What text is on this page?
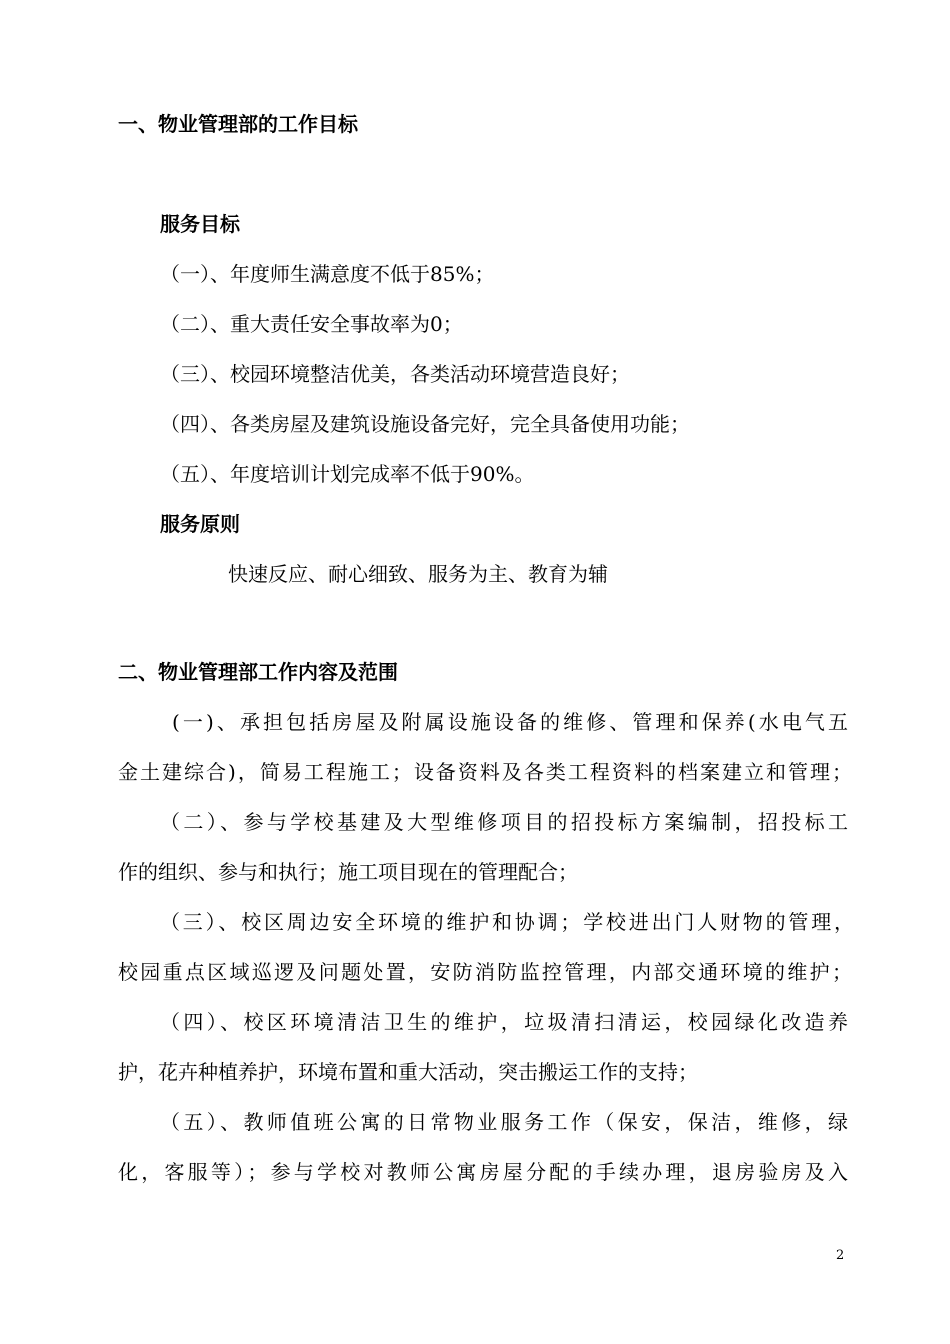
一、物业管理部的工作目标
服务目标
（一）、年度师生满意度不低于85%；
（二）、重大责任安全事故率为0；
（三）、校园环境整洁优美，各类活动环境营造良好；
（四）、各类房屋及建筑设施设备完好，完全具备使用功能；
（五）、年度培训计划完成率不低于90%。
服务原则
快速反应、耐心细致、服务为主、教育为辅
二、物业管理部工作内容及范围
(一)、承担包括房屋及附属设施设备的维修、管理和保养(水电气五
金土建综合)，简易工程施工；设备资料及各类工程资料的档案建立和管理；
（二）、参与学校基建及大型维修项目的招投标方案编制，招投标工
作的组织、参与和执行；施工项目现在的管理配合；
（三）、校区周边安全环境的维护和协调；学校进出门人财物的管理，
校园重点区域巡逻及问题处置，安防消防监控管理，内部交通环境的维护；
（四）、校区环境清洁卫生的维护，垃圾清扫清运，校园绿化改造养
护，花卉种植养护，环境布置和重大活动，突击搬运工作的支持；
（五）、教师值班公寓的日常物业服务工作（保安，保洁，维修，绿
化，客服等）；参与学校对教师公寓房屋分配的手续办理，退房验房及入
2
